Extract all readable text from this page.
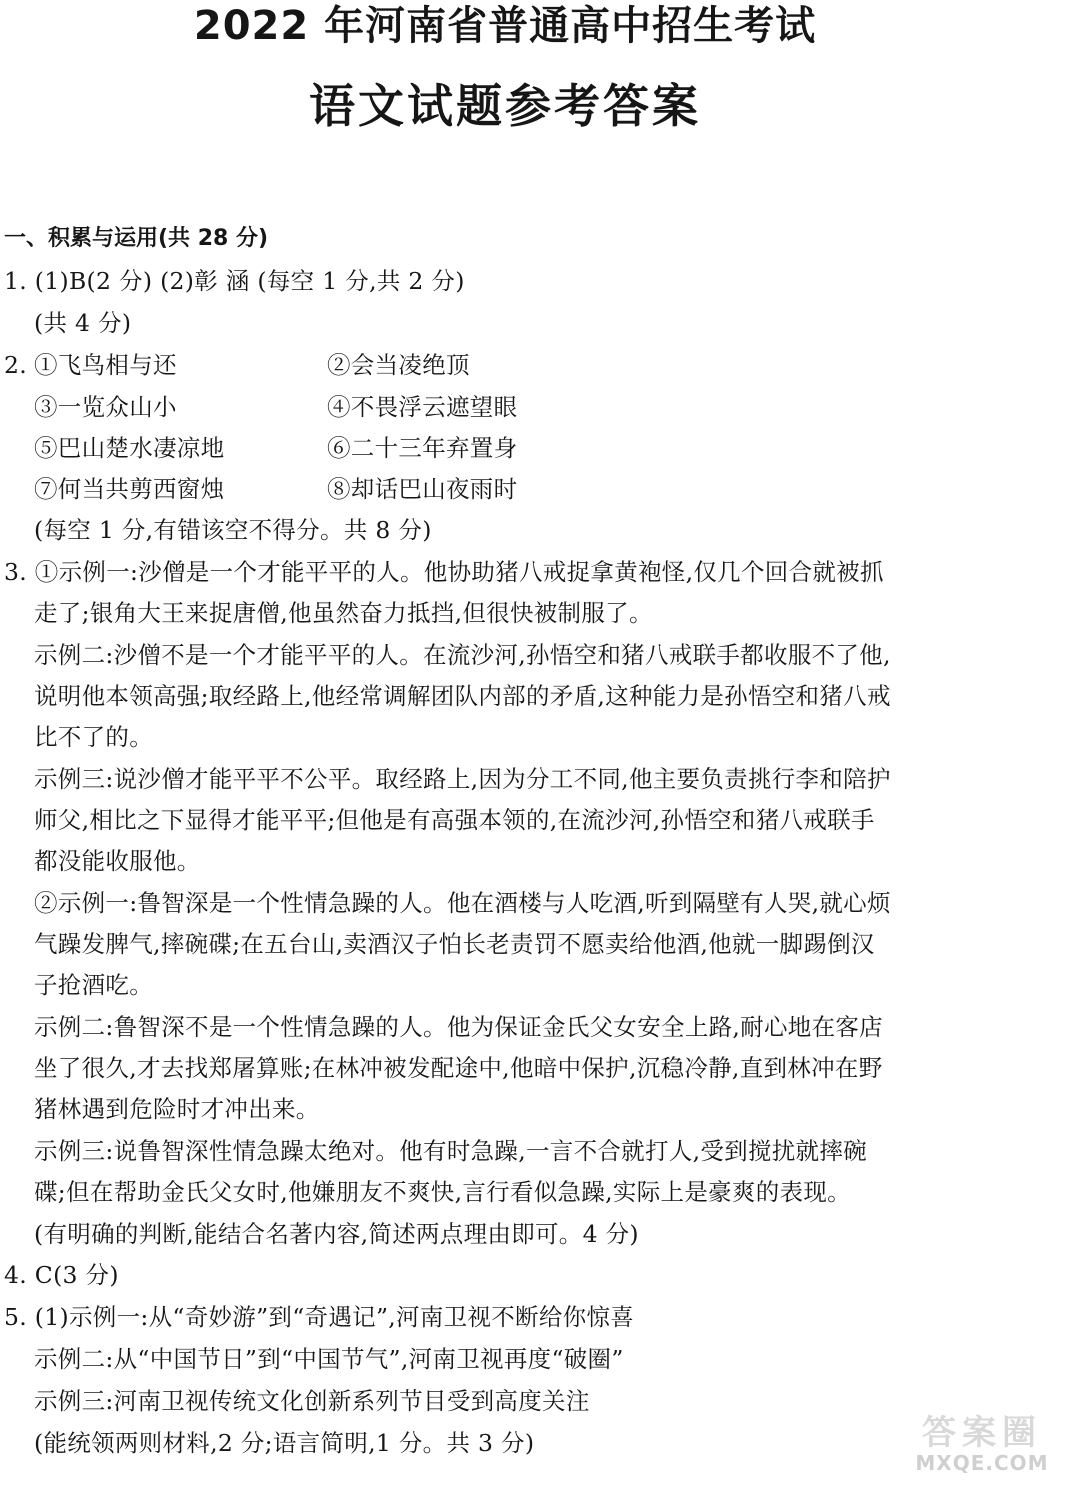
2022 年河南省普通高中招生考试
语文试题参考答案
一、积累与运用(共 28 分)
1. (1)B(2 分) (2)彰 涵 (每空 1 分,共 2 分)
(共 4 分)
2. ①飞鸟相与还	②会当凌绝顶
③一览众山小	④不畏浮云遮望眼
⑤巴山楚水凄凉地	⑥二十三年弃置身
⑦何当共剪西窗烛	⑧却话巴山夜雨时
(每空 1 分,有错该空不得分。共 8 分)
3. ①示例一:沙僧是一个才能平平的人。他协助猪八戒捉拿黄袍怪,仅几个回合就被抓
走了;银角大王来捉唐僧,他虽然奋力抵挡,但很快被制服了。
示例二:沙僧不是一个才能平平的人。在流沙河,孙悟空和猪八戒联手都收服不了他,
说明他本领高强;取经路上,他经常调解团队内部的矛盾,这种能力是孙悟空和猪八戒
比不了的。
示例三:说沙僧才能平平不公平。取经路上,因为分工不同,他主要负责挑行李和陪护
师父,相比之下显得才能平平;但他是有高强本领的,在流沙河,孙悟空和猪八戒联手
都没能收服他。
②示例一:鲁智深是一个性情急躁的人。他在酒楼与人吃酒,听到隔壁有人哭,就心烦
气躁发脾气,摔碗碟;在五台山,卖酒汉子怕长老责罚不愿卖给他酒,他就一脚踢倒汉
子抢酒吃。
示例二:鲁智深不是一个性情急躁的人。他为保证金氏父女安全上路,耐心地在客店
坐了很久,才去找郑屠算账;在林冲被发配途中,他暗中保护,沉稳冷静,直到林冲在野
猪林遇到危险时才冲出来。
示例三:说鲁智深性情急躁太绝对。他有时急躁,一言不合就打人,受到搅扰就摔碗
碟;但在帮助金氏父女时,他嫌朋友不爽快,言行看似急躁,实际上是豪爽的表现。
(有明确的判断,能结合名著内容,简述两点理由即可。4 分)
4. C(3 分)
5. (1)示例一:从“奇妙游”到“奇遇记”,河南卫视不断给你惊喜
示例二:从“中国节日”到“中国节气”,河南卫视再度“破圈”
示例三:河南卫视传统文化创新系列节目受到高度关注
(能统领两则材料,2 分;语言简明,1 分。共 3 分)	答案圈
MXQE.COM
